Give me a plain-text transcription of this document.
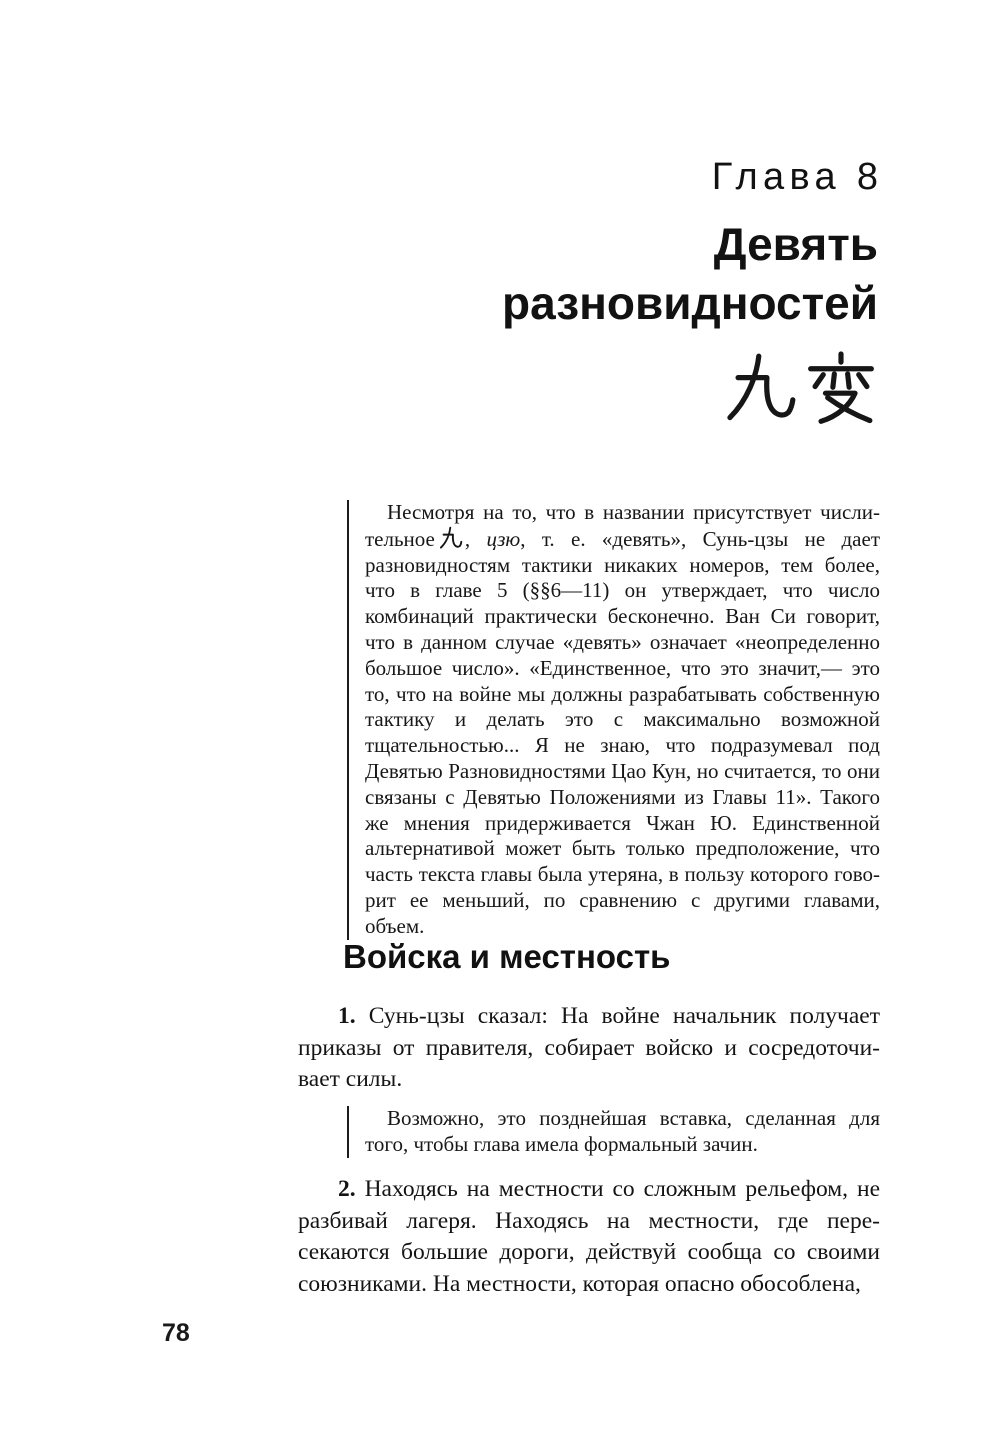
Глава 8
Девять
разновидностей

Несмотря на то, что в названии присутствует числительное , цзю, т. е. «девять», Сунь-цзы не дает разновидностям тактики никаких номеров, тем более, что в главе 5 (§§6—11) он утверждает, что число комбинаций практически бесконечно. Ван Си говорит, что в данном случае «девять» означает «неопределенно большое число». «Единственное, что это значит,— это то, что на войне мы должны разрабатывать собственную тактику и делать это с максимально возможной тщательностью... Я не знаю, что подразумевал под Девятью Разновидностями Цао Кун, но считается, то они связаны с Девятью Положениями из Главы 11». Такого же мнения придерживается Чжан Ю. Единственной альтернативой может быть только предположение, что часть текста главы была утеряна, в пользу которого говорит ее меньший, по сравнению с другими главами, объем.

Войска и местность

1. Сунь-цзы сказал: На войне начальник получает приказы от правителя, собирает войско и сосредоточивает силы.

Возможно, это позднейшая вставка, сделанная для того, чтобы глава имела формальный зачин.

2. Находясь на местности со сложным рельефом, не разбивай лагеря. Находясь на местности, где пересекаются большие дороги, действуй сообща со своими союзниками. На местности, которая опасно обособлена,

78
